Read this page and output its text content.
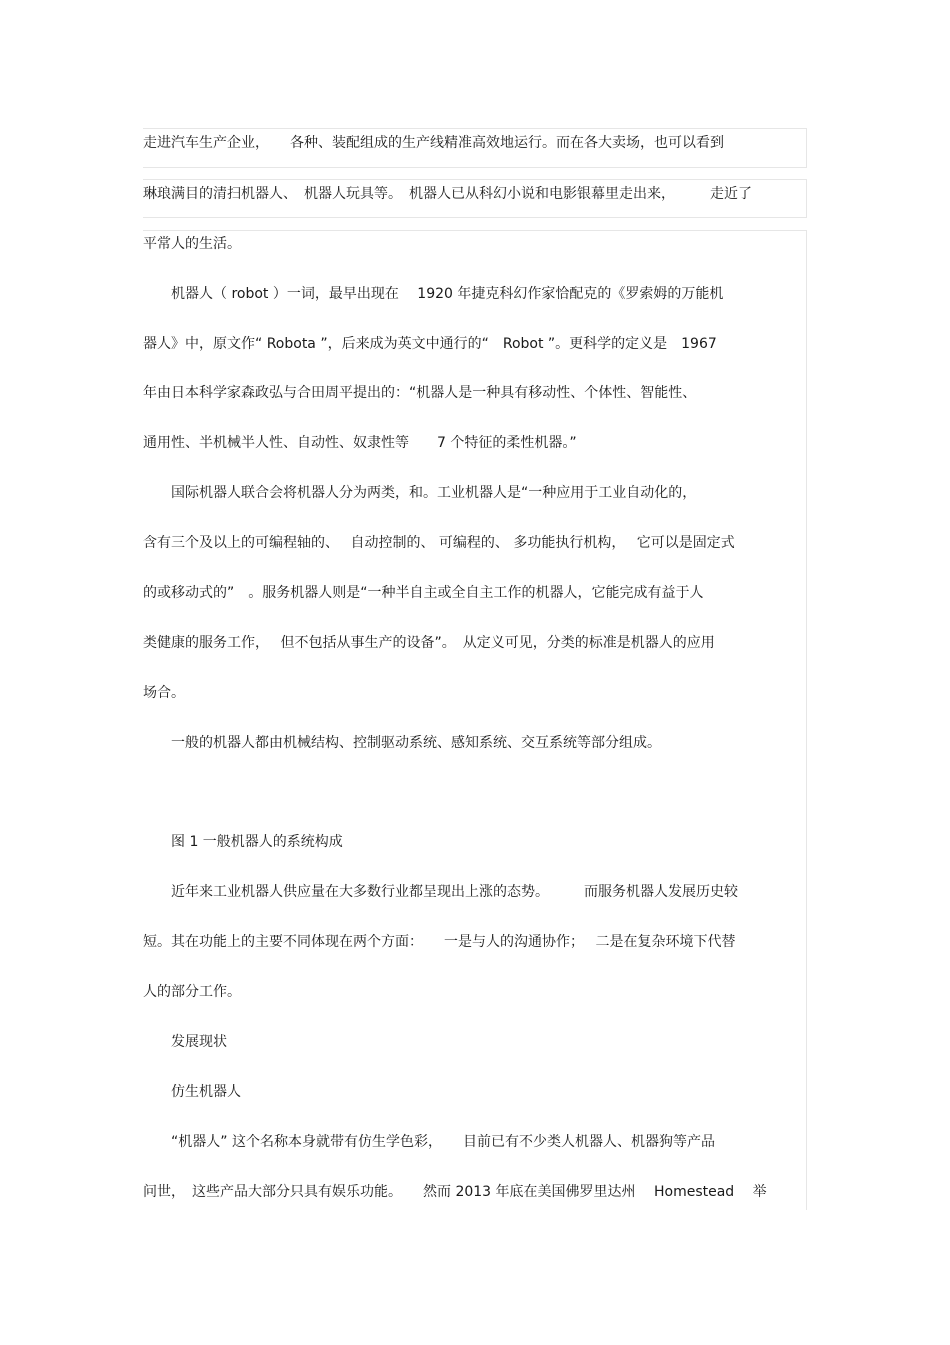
走进汽车生产企业，　　各种、装配组成的生产线精准高效地运行。而在各大卖场，也可以看到
琳琅满目的清扫机器人、　机器人玩具等。　机器人已从科幻小说和电影银幕里走出来，　　　走近了
平常人的生活。
　　机器人（ robot ）一词，最早出现在　 1920 年捷克科幻作家恰配克的《罗索姆的万能机
器人》中，原文作“ Robota ”，后来成为英文中通行的“　Robot ”。更科学的定义是　1967
年由日本科学家森政弘与合田周平提出的：“机器人是一种具有移动性、个体性、智能性、
通用性、半机械半人性、自动性、奴隶性等　　7 个特征的柔性机器。”
　　国际机器人联合会将机器人分为两类，和。工业机器人是“一种应用于工业自动化的，
含有三个及以上的可编程轴的、　 自动控制的、 可编程的、 多功能执行机构，　 它可以是固定式
的或移动式的”　。服务机器人则是“一种半自主或全自主工作的机器人，它能完成有益于人
类健康的服务工作，　 但不包括从事生产的设备”。　从定义可见，分类的标准是机器人的应用
场合。
　　一般的机器人都由机械结构、控制驱动系统、感知系统、交互系统等部分组成。
　　图 1 一般机器人的系统构成
　　近年来工业机器人供应量在大多数行业都呈现出上涨的态势。　　　而服务机器人发展历史较
短。其在功能上的主要不同体现在两个方面：　　一是与人的沟通协作；　 二是在复杂环境下代替
人的部分工作。
　　发展现状
　　仿生机器人
　　“机器人” 这个名称本身就带有仿生学色彩，　　目前已有不少类人机器人、机器狗等产品
问世，　这些产品大部分只具有娱乐功能。　　然而 2013 年底在美国佛罗里达州　 Homestead　 举
